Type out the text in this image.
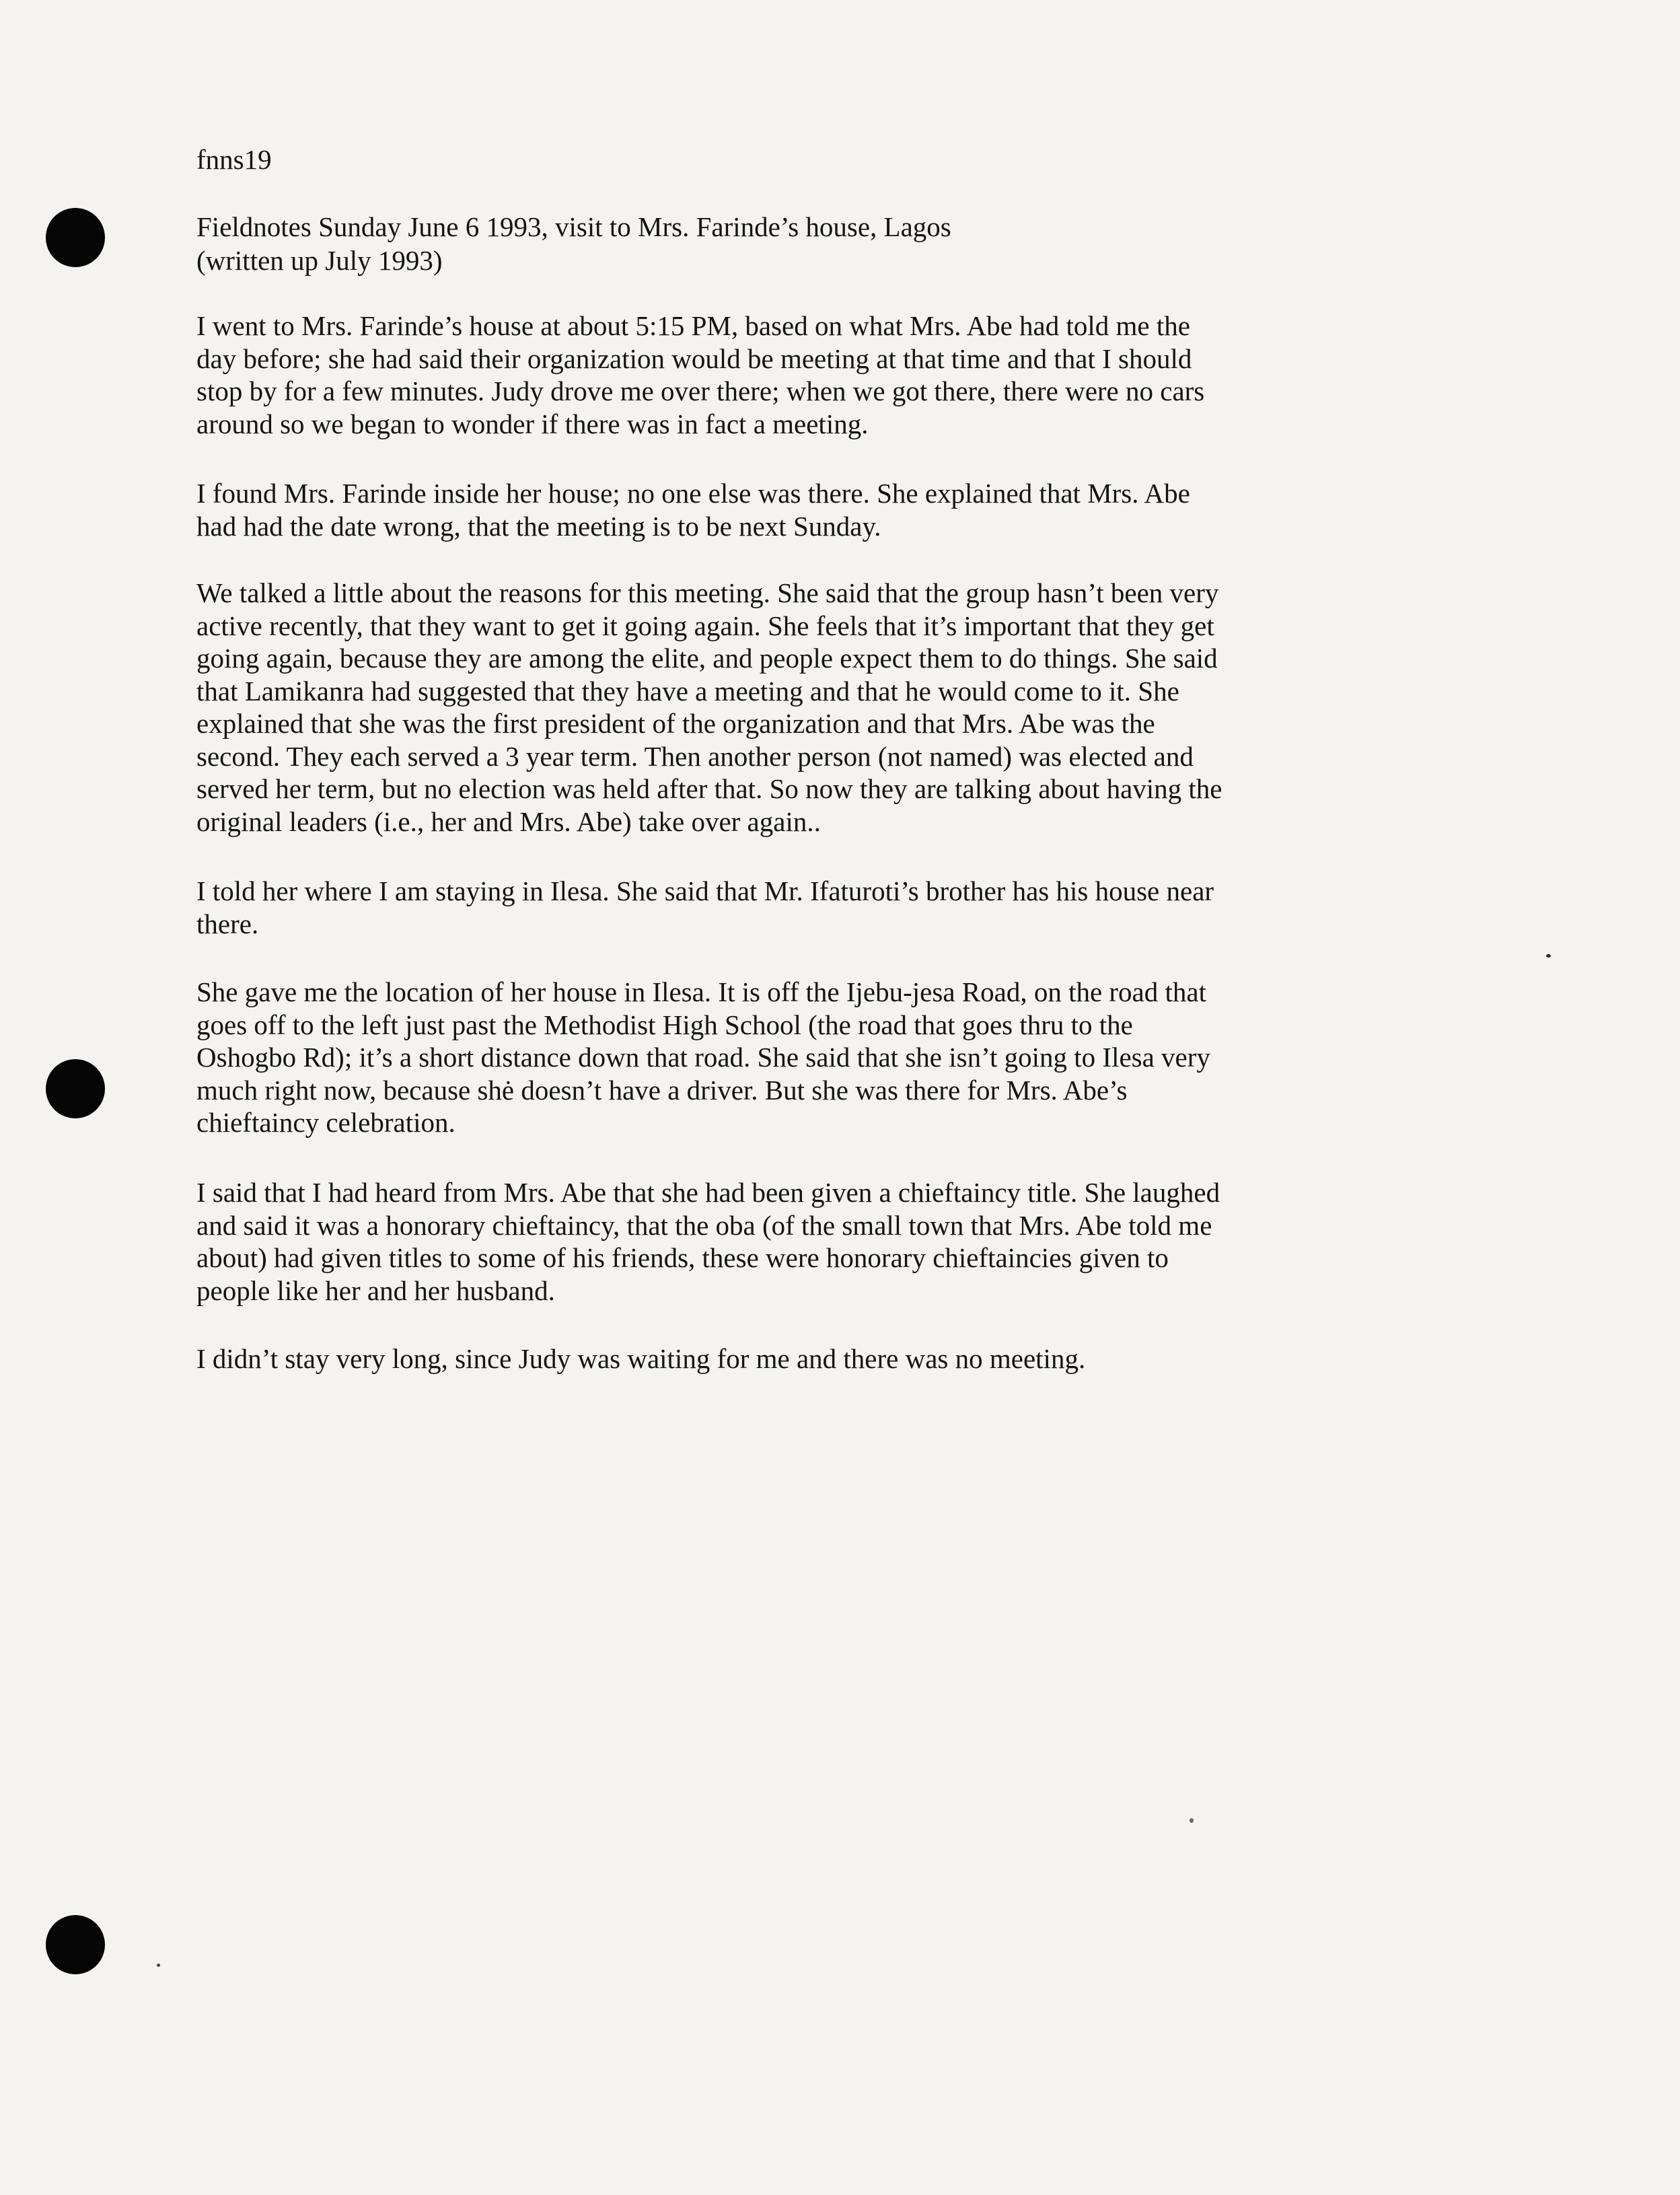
fnns19
Fieldnotes Sunday June 6 1993, visit to Mrs. Farinde’s house, Lagos
(written up July 1993)
I went to Mrs. Farinde’s house at about 5:15 PM, based on what Mrs. Abe had told me the
day before; she had said their organization would be meeting at that time and that I should
stop by for a few minutes. Judy drove me over there; when we got there, there were no cars
around so we began to wonder if there was in fact a meeting.
I found Mrs. Farinde inside her house; no one else was there. She explained that Mrs. Abe
had had the date wrong, that the meeting is to be next Sunday.
We talked a little about the reasons for this meeting. She said that the group hasn’t been very
active recently, that they want to get it going again. She feels that it’s important that they get
going again, because they are among the elite, and people expect them to do things. She said
that Lamikanra had suggested that they have a meeting and that he would come to it. She
explained that she was the first president of the organization and that Mrs. Abe was the
second. They each served a 3 year term. Then another person (not named) was elected and
served her term, but no election was held after that. So now they are talking about having the
original leaders (i.e., her and Mrs. Abe) take over again..
I told her where I am staying in Ilesa. She said that Mr. Ifaturoti’s brother has his house near
there.
She gave me the location of her house in Ilesa. It is off the Ijebu-jesa Road, on the road that
goes off to the left just past the Methodist High School (the road that goes thru to the
Oshogbo Rd); it’s a short distance down that road. She said that she isn’t going to Ilesa very
much right now, because shė doesn’t have a driver. But she was there for Mrs. Abe’s
chieftaincy celebration.
I said that I had heard from Mrs. Abe that she had been given a chieftaincy title. She laughed
and said it was a honorary chieftaincy, that the oba (of the small town that Mrs. Abe told me
about) had given titles to some of his friends, these were honorary chieftaincies given to
people like her and her husband.
I didn’t stay very long, since Judy was waiting for me and there was no meeting.
